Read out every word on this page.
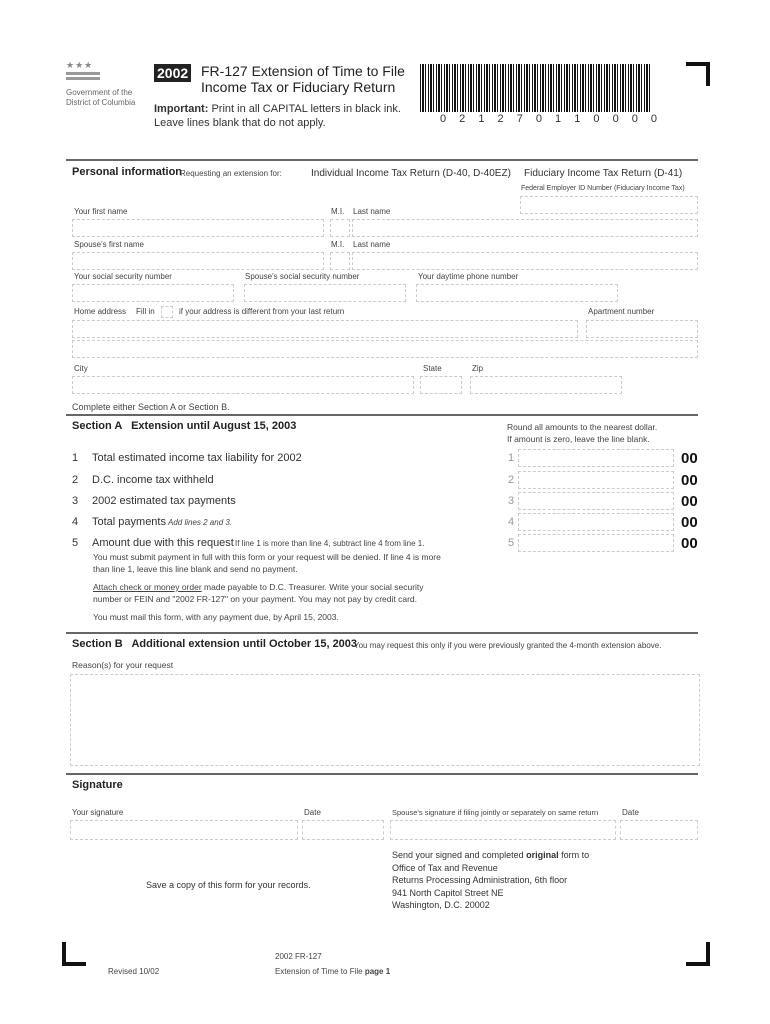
★★★
Government of the
District of Columbia
2002 FR-127 Extension of Time to File
Income Tax or Fiduciary Return
Important: Print in all CAPITAL letters in black ink.
Leave lines blank that do not apply.	0 2 1 2 7 0 1 1 0 0 0 0
Personal information
Requesting an extension for:	Individual Income Tax Return (D-40, D-40EZ) Fiduciary Income Tax Return (D-41)
Federal Employer ID Number (Fiduciary Income Tax)
Your first name	M.I. Last name
Spouse's first name	M.I. Last name
Your social security number	Spouse's social security number	Your daytime phone number
Home address Fill in	if your address is different from your last return	Apartment number
City	State	Zip
Complete either Section A or Section B.
Section A   Extension until August 15, 2003	Round all amounts to the nearest dollar.
If amount is zero, leave the line blank.
1 Total estimated income tax liability for 2002	1	00
2 D.C. income tax withheld	2	00
3 2002 estimated tax payments	3	00
4 Total payments Add lines 2 and 3.	4	00
5 Amount due with this request If line 1 is more than line 4, subtract line 4 from line 1.	5	00
You must submit payment in full with this form or your request will be denied. If line 4 is more
than line 1, leave this line blank and send no payment.
Attach check or money order made payable to D.C. Treasurer. Write your social security
number or FEIN and "2002 FR-127" on your payment. You may not pay by credit card.
You must mail this form, with any payment due, by April 15, 2003.
Section B   Additional extension until October 15, 2003
You may request this only if you were previously granted the 4-month extension above.
Reason(s) for your request
Signature
Your signature	Date	Spouse's signature if filing jointly or separately on same return	Date
Save a copy of this form for your records.
Send your signed and completed original form to
Office of Tax and Revenue
Returns Processing Administration, 6th floor
941 North Capitol Street NE
Washington, D.C. 20002
2002 FR-127
Revised 10/02	Extension of Time to File page 1
